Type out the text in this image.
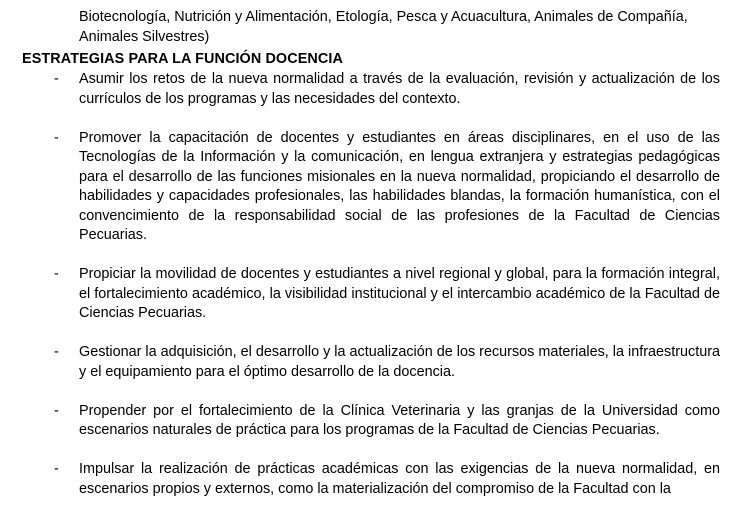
Biotecnología, Nutrición y Alimentación, Etología, Pesca y Acuacultura, Animales de Compañía, Animales Silvestres)

ESTRATEGIAS PARA LA FUNCIÓN DOCENCIA

-	Asumir los retos de la nueva normalidad a través de la evaluación, revisión y actualización de los currículos de los programas y las necesidades del contexto.
-	Promover la capacitación de docentes y estudiantes en áreas disciplinares, en el uso de las Tecnologías de la Información y la comunicación, en lengua extranjera y estrategias pedagógicas para el desarrollo de las funciones misionales en la nueva normalidad, propiciando el desarrollo de habilidades y capacidades profesionales, las habilidades blandas, la formación humanística, con el convencimiento de la responsabilidad social de las profesiones de la Facultad de Ciencias Pecuarias.
-	Propiciar la movilidad de docentes y estudiantes a nivel regional y global, para la formación integral, el fortalecimiento académico, la visibilidad institucional y el intercambio académico de la Facultad de Ciencias Pecuarias.
-	Gestionar la adquisición, el desarrollo y la actualización de los recursos materiales, la infraestructura y el equipamiento para el óptimo desarrollo de la docencia.
-	Propender por el fortalecimiento de la Clínica Veterinaria y las granjas de la Universidad como escenarios naturales de práctica para los programas de la Facultad de Ciencias Pecuarias.
-	Impulsar la realización de prácticas académicas con las exigencias de la nueva normalidad, en escenarios propios y externos, como la materialización del compromiso de la Facultad con la
